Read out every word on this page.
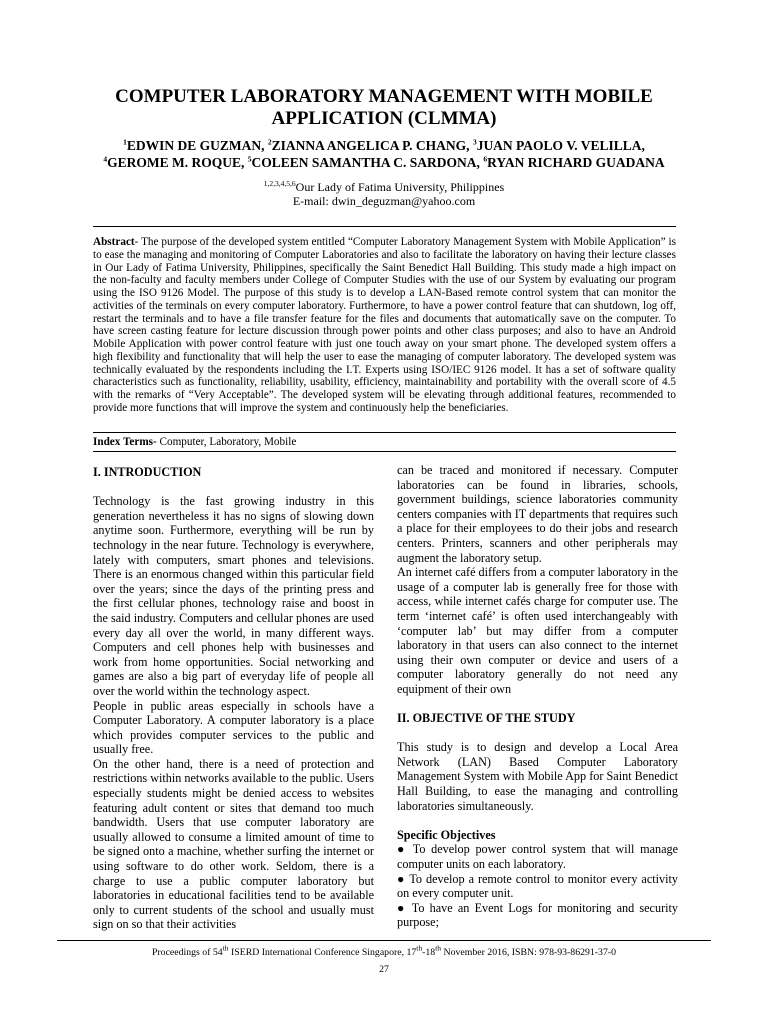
COMPUTER LABORATORY MANAGEMENT WITH MOBILE
APPLICATION (CLMMA)
$^1$EDWIN DE GUZMAN, $^2$ZIANNA ANGELICA P. CHANG, $^3$JUAN PAOLO V. VELILLA, $^4$GEROME M. ROQUE, $^5$COLEEN SAMANTHA C. SARDONA, $^6$RYAN RICHARD GUADANA
$^{1,2,3,4,5,6}$Our Lady of Fatima University, Philippines
E-mail: dwin_deguzman@yahoo.com
Abstract- The purpose of the developed system entitled “Computer Laboratory Management System with Mobile Application” is to ease the managing and monitoring of Computer Laboratories and also to facilitate the laboratory on having their lecture classes in Our Lady of Fatima University, Philippines, specifically the Saint Benedict Hall Building. This study made a high impact on the non-faculty and faculty members under College of Computer Studies with the use of our System by evaluating our program using the ISO 9126 Model. The purpose of this study is to develop a LAN-Based remote control system that can monitor the activities of the terminals on every computer laboratory. Furthermore, to have a power control feature that can shutdown, log off, restart the terminals and to have a file transfer feature for the files and documents that automatically save on the computer. To have screen casting feature for lecture discussion through power points and other class purposes; and also to have an Android Mobile Application with power control feature with just one touch away on your smart phone. The developed system offers a high flexibility and functionality that will help the user to ease the managing of computer laboratory. The developed system was technically evaluated by the respondents including the I.T. Experts using ISO/IEC 9126 model. It has a set of software quality characteristics such as functionality, reliability, usability, efficiency, maintainability and portability with the overall score of 4.5 with the remarks of “Very Acceptable”. The developed system will be elevating through additional features, recommended to provide more functions that will improve the system and continuously help the beneficiaries.
Index Terms- Computer, Laboratory, Mobile
I. INTRODUCTION
Technology is the fast growing industry in this generation nevertheless it has no signs of slowing down anytime soon. Furthermore, everything will be run by technology in the near future. Technology is everywhere, lately with computers, smart phones and televisions. There is an enormous changed within this particular field over the years; since the days of the printing press and the first cellular phones, technology raise and boost in the said industry. Computers and cellular phones are used every day all over the world, in many different ways. Computers and cell phones help with businesses and work from home opportunities. Social networking and games are also a big part of everyday life of people all over the world within the technology aspect.
People in public areas especially in schools have a Computer Laboratory. A computer laboratory is a place which provides computer services to the public and usually free.
On the other hand, there is a need of protection and restrictions within networks available to the public. Users especially students might be denied access to websites featuring adult content or sites that demand too much bandwidth. Users that use computer laboratory are usually allowed to consume a limited amount of time to be signed onto a machine, whether surfing the internet or using software to do other work. Seldom, there is a charge to use a public computer laboratory but laboratories in educational facilities tend to be available only to current students of the school and usually must sign on so that their activities
can be traced and monitored if necessary. Computer laboratories can be found in libraries, schools, government buildings, science laboratories community centers companies with IT departments that requires such a place for their employees to do their jobs and research centers. Printers, scanners and other peripherals may augment the laboratory setup.
An internet café differs from a computer laboratory in the usage of a computer lab is generally free for those with access, while internet cafés charge for computer use. The term ‘internet café’ is often used interchangeably with ‘computer lab’ but may differ from a computer laboratory in that users can also connect to the internet using their own computer or device and users of a computer laboratory generally do not need any equipment of their own
II. OBJECTIVE OF THE STUDY
This study is to design and develop a Local Area Network (LAN) Based Computer Laboratory Management System with Mobile App for Saint Benedict Hall Building, to ease the managing and controlling laboratories simultaneously.
Specific Objectives
● To develop power control system that will manage computer units on each laboratory.
● To develop a remote control to monitor every activity on every computer unit.
● To have an Event Logs for monitoring and security purpose;
Proceedings of 54th ISERD International Conference Singapore, 17th-18th November 2016, ISBN: 978-93-86291-37-0
27
